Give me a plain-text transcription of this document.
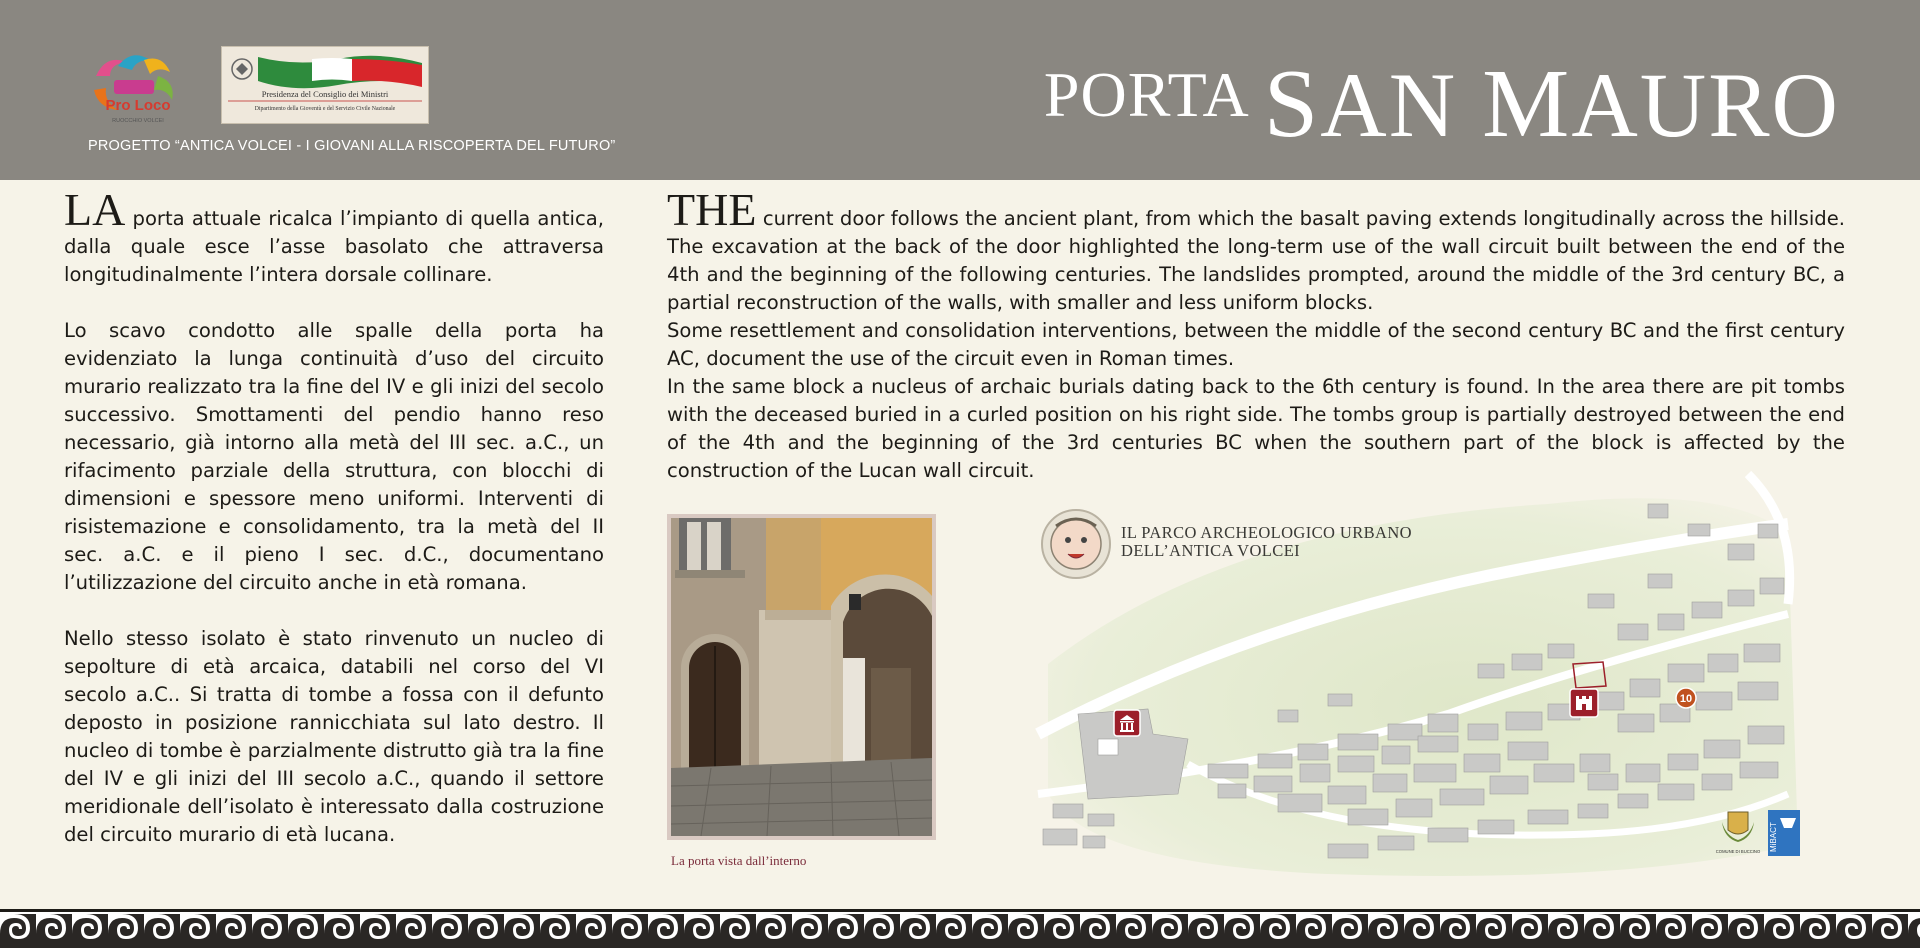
Pro Loco
RUOCCHIO VOLCEI
Presidenza del Consiglio dei Ministri
Dipartimento della Gioventù e del Servizio Civile Nazionale
PROGETTO “ANTICA VOLCEI - I GIOVANI ALLA RISCOPERTA DEL FUTURO”
PORTA SAN MAURO

LA porta attuale ricalca l’impianto di quella antica, dalla quale esce l’asse basolato che attraversa longitudinalmente l’intera dorsale collinare.

Lo scavo condotto alle spalle della porta ha evidenziato la lunga continuità d’uso del circuito murario realizzato tra la fine del IV e gli inizi del secolo successivo. Smottamenti del pendio hanno reso necessario, già intorno alla metà del III sec. a.C., un rifacimento parziale della struttura, con blocchi di dimensioni e spessore meno uniformi. Interventi di risistemazione e consolidamento, tra la metà del II sec. a.C. e il pieno I sec. d.C., documentano l’utilizzazione del circuito anche in età romana.

Nello stesso isolato è stato rinvenuto un nucleo di sepolture di età arcaica, databili nel corso del VI secolo a.C.. Si tratta di tombe a fossa con il defunto deposto in posizione rannicchiata sul lato destro. Il nucleo di tombe è parzialmente distrutto già tra la fine del IV e gli inizi del III secolo a.C., quando il settore meridionale dell’isolato è interessato dalla costruzione del circuito murario di età lucana.

THE current door follows the ancient plant, from which the basalt paving extends longitudinally across the hillside. The excavation at the back of the door highlighted the long-term use of the wall circuit built between the end of the 4th and the beginning of the following centuries. The landslides prompted, around the middle of the 3rd century BC, a partial reconstruction of the walls, with smaller and less uniform blocks.

Some resettlement and consolidation interventions, between the middle of the second century BC and the first century AC, document the use of the circuit even in Roman times.

In the same block a nucleus of archaic burials dating back to the 6th century is found. In the area there are pit tombs with the deceased buried in a curled position on his right side. The tombs group is partially destroyed between the end of the 4th and the beginning of the 3rd centuries BC when the southern part of the block is affected by the construction of the Lucan wall circuit.

10
COMUNE DI BUCCINO MiBACT
IL PARCO ARCHEOLOGICO URBANO
DELL’ANTICA VOLCEI
La porta vista dall’interno
